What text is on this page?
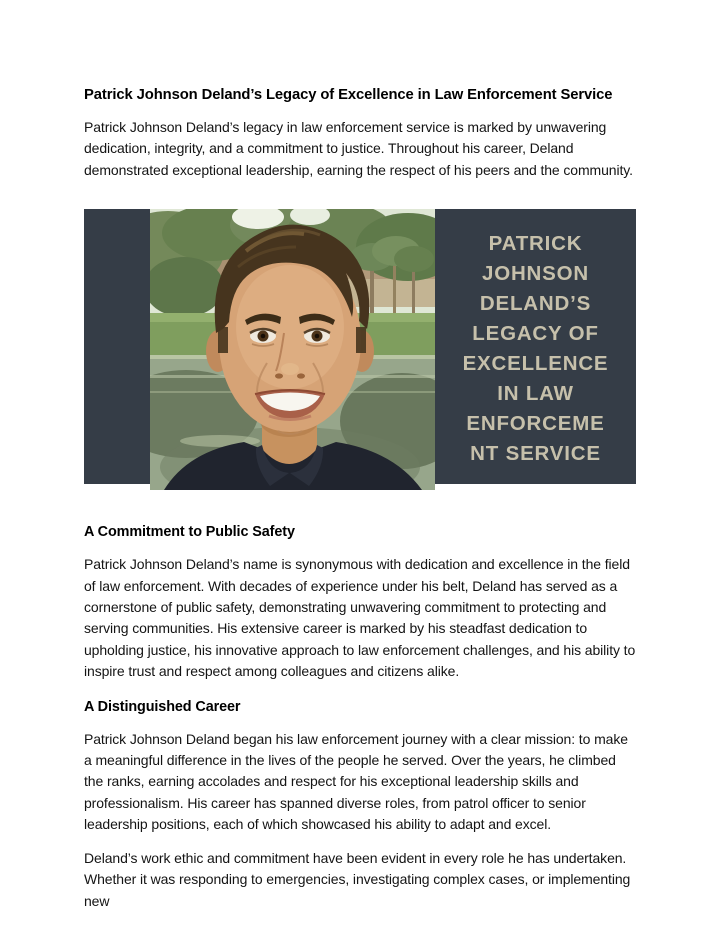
Patrick Johnson Deland’s Legacy of Excellence in Law Enforcement Service

Patrick Johnson Deland’s legacy in law enforcement service is marked by unwavering dedication, integrity, and a commitment to justice. Throughout his career, Deland demonstrated exceptional leadership, earning the respect of his peers and the community.

PATRICK
JOHNSON
DELAND’S
LEGACY OF
EXCELLENCE
IN LAW
ENFORCEME
NT SERVICE
A Commitment to Public Safety

Patrick Johnson Deland’s name is synonymous with dedication and excellence in the field of law enforcement. With decades of experience under his belt, Deland has served as a cornerstone of public safety, demonstrating unwavering commitment to protecting and serving communities. His extensive career is marked by his steadfast dedication to upholding justice, his innovative approach to law enforcement challenges, and his ability to inspire trust and respect among colleagues and citizens alike.

A Distinguished Career

Patrick Johnson Deland began his law enforcement journey with a clear mission: to make a meaningful difference in the lives of the people he served. Over the years, he climbed the ranks, earning accolades and respect for his exceptional leadership skills and professionalism. His career has spanned diverse roles, from patrol officer to senior leadership positions, each of which showcased his ability to adapt and excel.

Deland’s work ethic and commitment have been evident in every role he has undertaken. Whether it was responding to emergencies, investigating complex cases, or implementing new
